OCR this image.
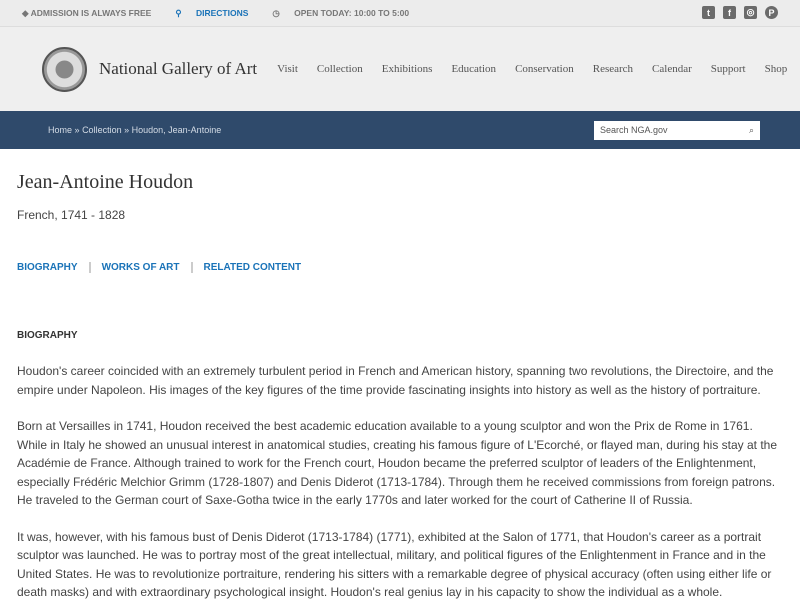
◆ ADMISSION IS ALWAYS FREE	⚲ DIRECTIONS	◷ OPEN TODAY: 10:00 TO 5:00	t	f	◎	P
National Gallery of Art Visit Collection Exhibitions Education Conservation Research Calendar Support Shop
Home » Collection » Houdon, Jean-Antoine	Search NGA.gov	⌕
Jean-Antoine Houdon
French, 1741 - 1828
BIOGRAPHY WORKS OF ART RELATED CONTENT
BIOGRAPHY

Houdon's career coincided with an extremely turbulent period in French and American history, spanning two revolutions, the Directoire, and the empire under Napoleon. His images of the key figures of the time provide fascinating insights into history as well as the history of portraiture.

Born at Versailles in 1741, Houdon received the best academic education available to a young sculptor and won the Prix de Rome in 1761. While in Italy he showed an unusual interest in anatomical studies, creating his famous figure of L'Ecorché, or flayed man, during his stay at the Académie de France. Although trained to work for the French court, Houdon became the preferred sculptor of leaders of the Enlightenment, especially Frédéric Melchior Grimm (1728-1807) and Denis Diderot (1713-1784). Through them he received commissions from foreign patrons. He traveled to the German court of Saxe-Gotha twice in the early 1770s and later worked for the court of Catherine II of Russia.

It was, however, with his famous bust of Denis Diderot (1713-1784) (1771), exhibited at the Salon of 1771, that Houdon's career as a portrait sculptor was launched. He was to portray most of the great intellectual, military, and political figures of the Enlightenment in France and in the United States. He was to revolutionize portraiture, rendering his sitters with a remarkable degree of physical accuracy (often using either life or death masks) and with extraordinary psychological insight. Houdon's real genius lay in his capacity to show the individual as a whole.
